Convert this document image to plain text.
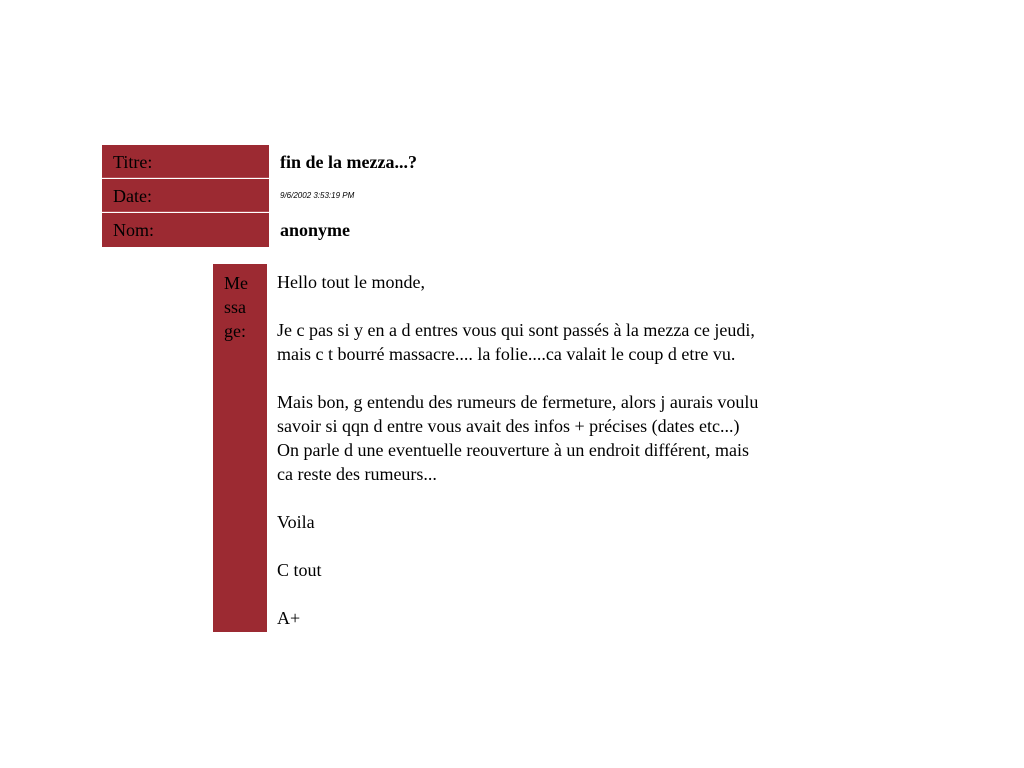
Titre:	fin de la mezza...?
Date:	9/6/2002 3:53:19 PM
Nom:	anonyme
Me
ssa
ge:

Hello tout le monde,

Je c pas si y en a d entres vous qui sont passés à la mezza ce jeudi,

mais c t bourré massacre.... la folie....ca valait le coup d etre vu.

Mais bon, g entendu des rumeurs de fermeture, alors j aurais voulu

savoir si qqn d entre vous avait des infos + précises (dates etc...)

On parle d une eventuelle reouverture à un endroit différent, mais

ca reste des rumeurs...

Voila

C tout

A+
